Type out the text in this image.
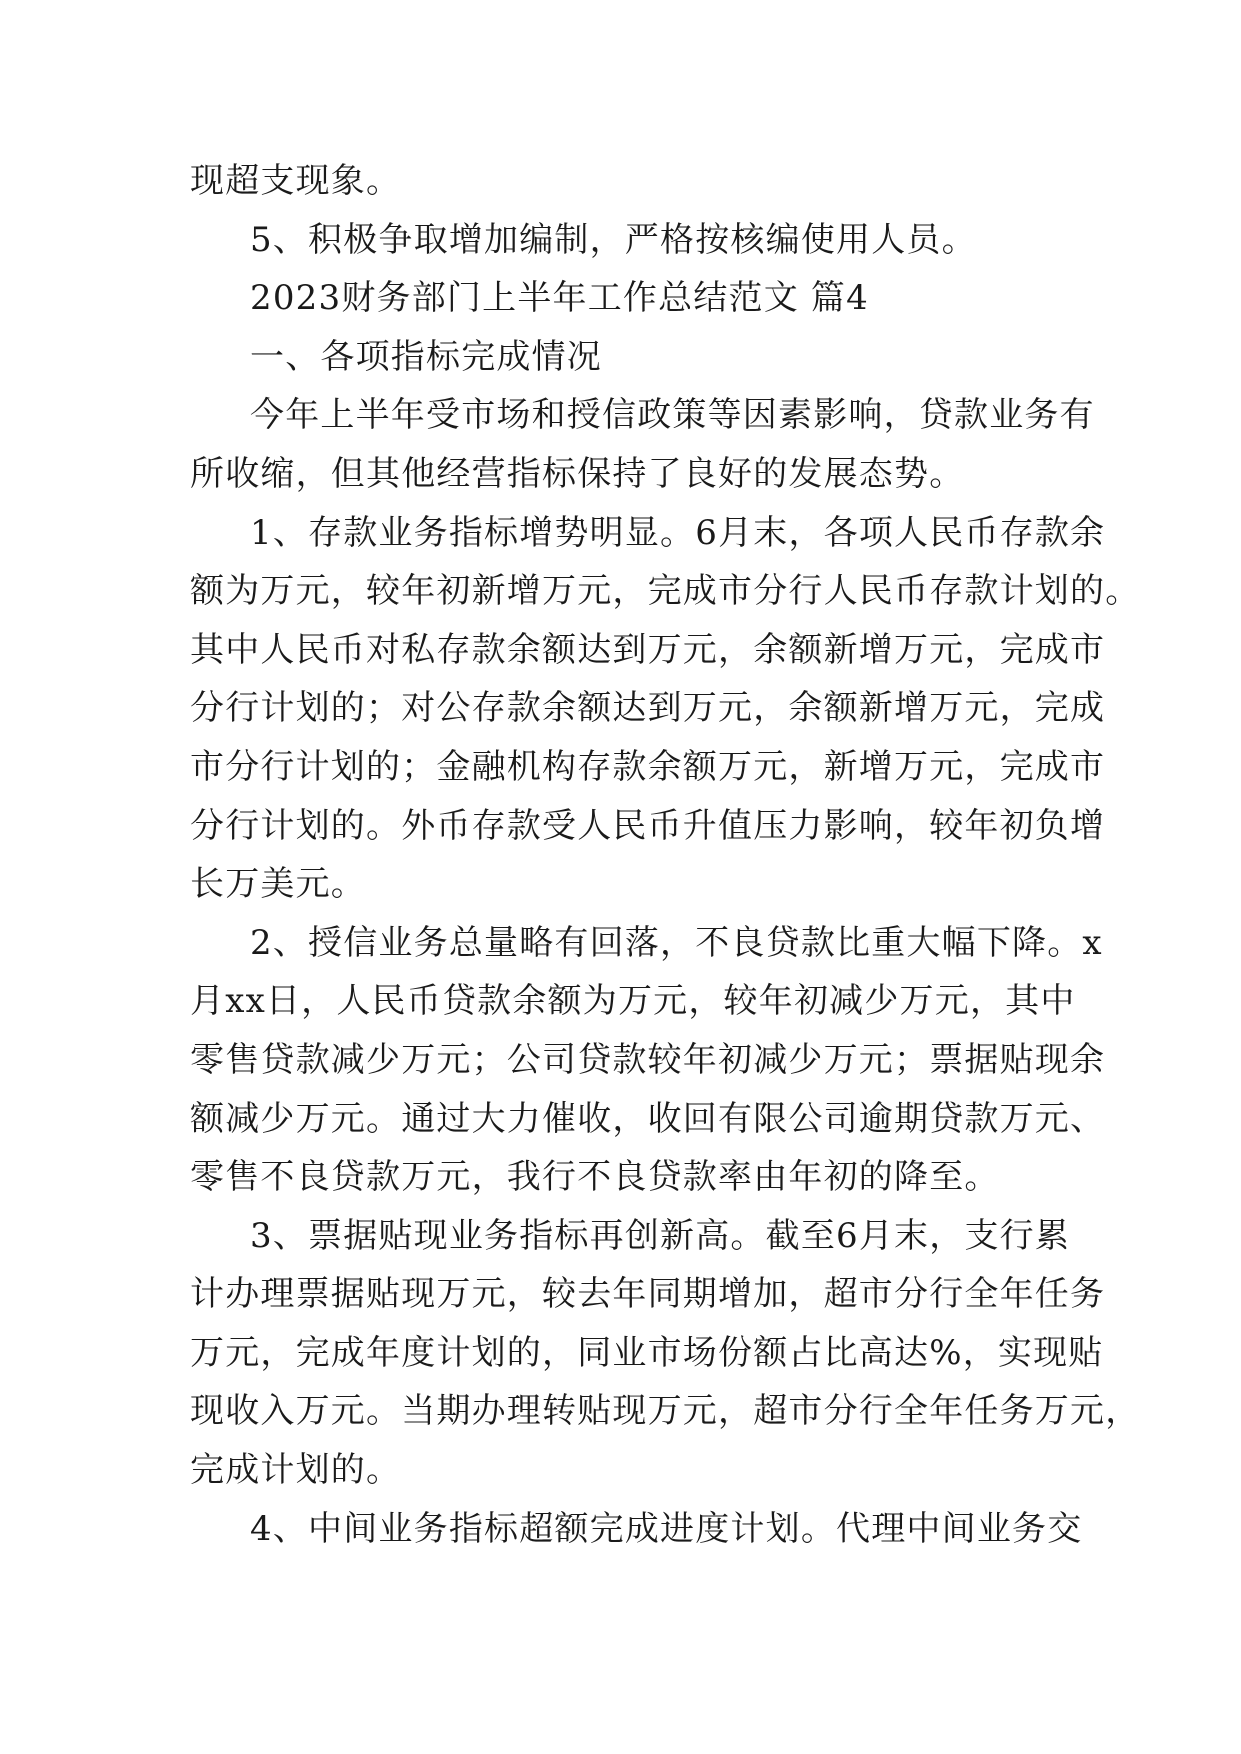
现超支现象。
5、积极争取增加编制，严格按核编使用人员。
2023财务部门上半年工作总结范文 篇4
一、各项指标完成情况
今年上半年受市场和授信政策等因素影响，贷款业务有
所收缩，但其他经营指标保持了良好的发展态势。
1、存款业务指标增势明显。6月末，各项人民币存款余
额为万元，较年初新增万元，完成市分行人民币存款计划的。
其中人民币对私存款余额达到万元，余额新增万元，完成市
分行计划的；对公存款余额达到万元，余额新增万元，完成
市分行计划的；金融机构存款余额万元，新增万元，完成市
分行计划的。外币存款受人民币升值压力影响，较年初负增
长万美元。
2、授信业务总量略有回落，不良贷款比重大幅下降。x
月xx日，人民币贷款余额为万元，较年初减少万元，其中
零售贷款减少万元；公司贷款较年初减少万元；票据贴现余
额减少万元。通过大力催收，收回有限公司逾期贷款万元、
零售不良贷款万元，我行不良贷款率由年初的降至。
3、票据贴现业务指标再创新高。截至6月末，支行累
计办理票据贴现万元，较去年同期增加，超市分行全年任务
万元，完成年度计划的，同业市场份额占比高达%，实现贴
现收入万元。当期办理转贴现万元，超市分行全年任务万元，
完成计划的。
4、中间业务指标超额完成进度计划。代理中间业务交
